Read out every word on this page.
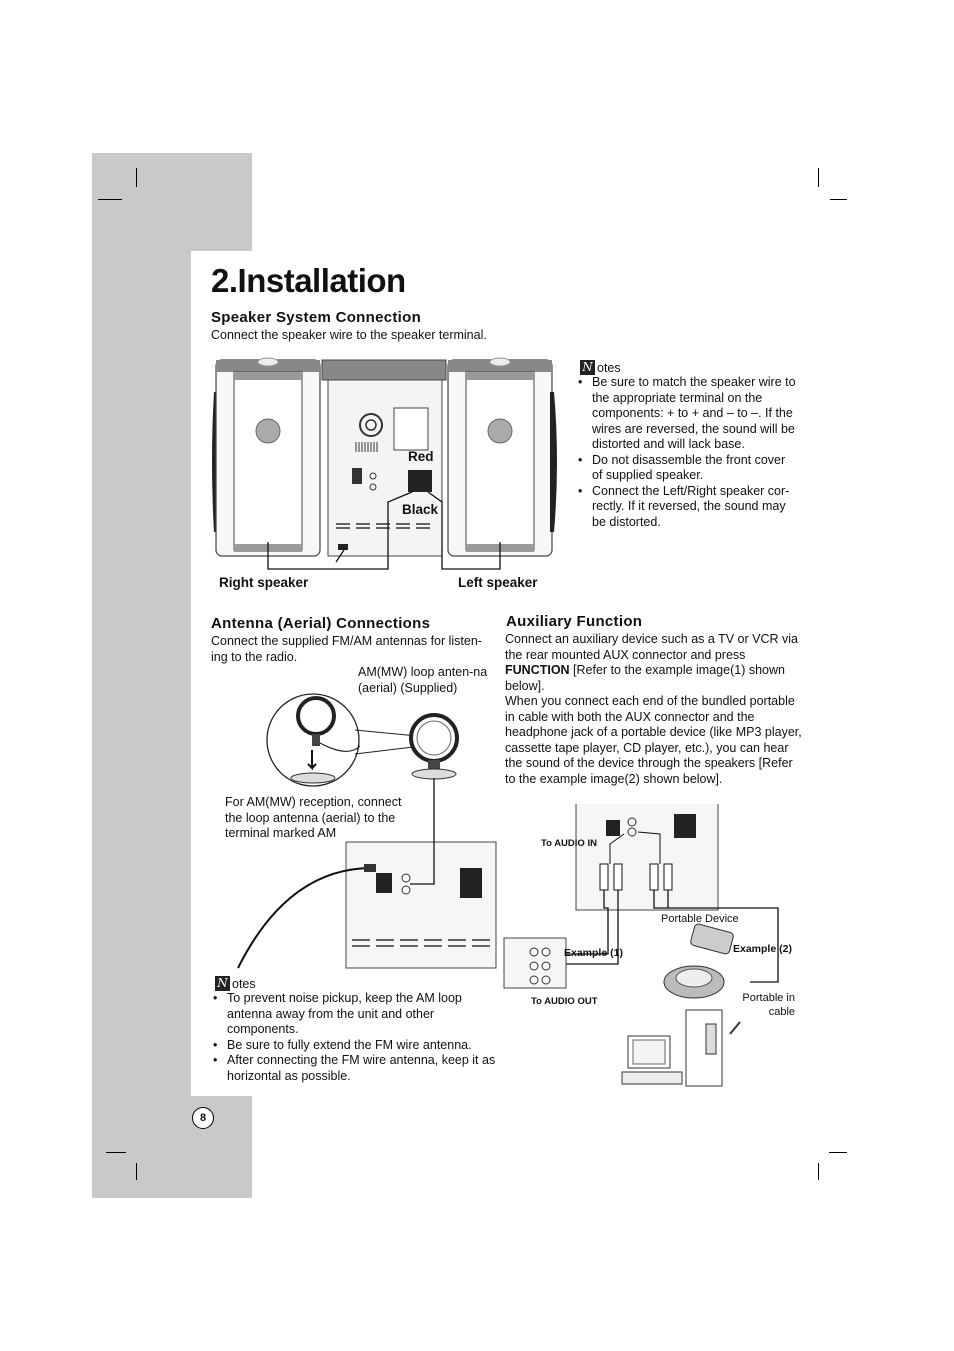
2.Installation
Speaker System Connection
Connect the speaker wire to the speaker terminal.
Red
Black
Right speaker	Left speaker
N otes
• Be sure to match the speaker wire to the appropriate terminal on the components: + to + and – to –. If the wires are reversed, the sound will be distorted and will lack base.
• Do not disassemble the front cover of supplied speaker.
• Connect the Left/Right speaker cor-rectly. If it reversed, the sound may be distorted.
Antenna (Aerial) Connections
Connect the supplied FM/AM antennas for listen-ing to the radio.
AM(MW) loop anten-na (aerial) (Supplied)
For AM(MW) reception, connect the loop antenna (aerial) to the terminal marked AM
N otes
• To prevent noise pickup, keep the AM loop antenna away from the unit and other components.
• Be sure to fully extend the FM wire antenna.
• After connecting the FM wire antenna, keep it as horizontal as possible.
Auxiliary Function
Connect an auxiliary device such as a TV or VCR via the rear mounted AUX connector and press FUNCTION [Refer to the example image(1) shown below].
When you connect each end of the bundled portable in cable with both the AUX connector and the headphone jack of a portable device (like MP3 player, cassette tape player, CD player, etc.), you can hear the sound of the device through the speakers [Refer to the example image(2) shown below].
To AUDIO IN
Portable Device
Example (1)	Example (2)
Portable in cable
To AUDIO OUT
8
